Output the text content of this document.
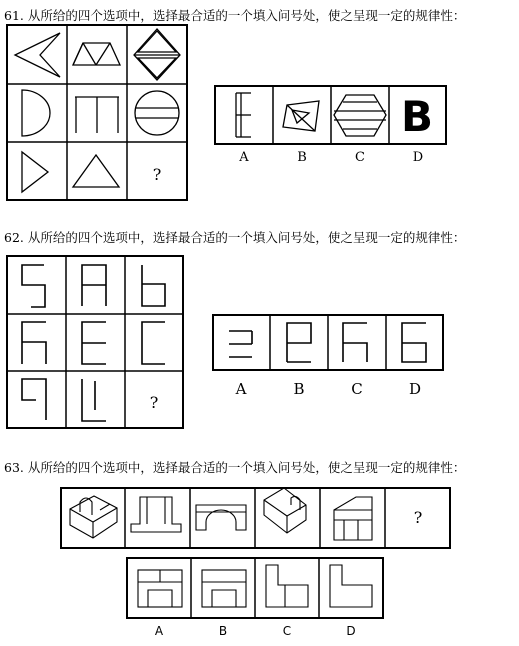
61. 从所给的四个选项中，选择最合适的一个填入问号处，使之呈现一定的规律性：
62. 从所给的四个选项中，选择最合适的一个填入问号处，使之呈现一定的规律性：
63. 从所给的四个选项中，选择最合适的一个填入问号处，使之呈现一定的规律性：
B
?
?
?
A	B	C	D
A	B	C	D
A	B	C	D
